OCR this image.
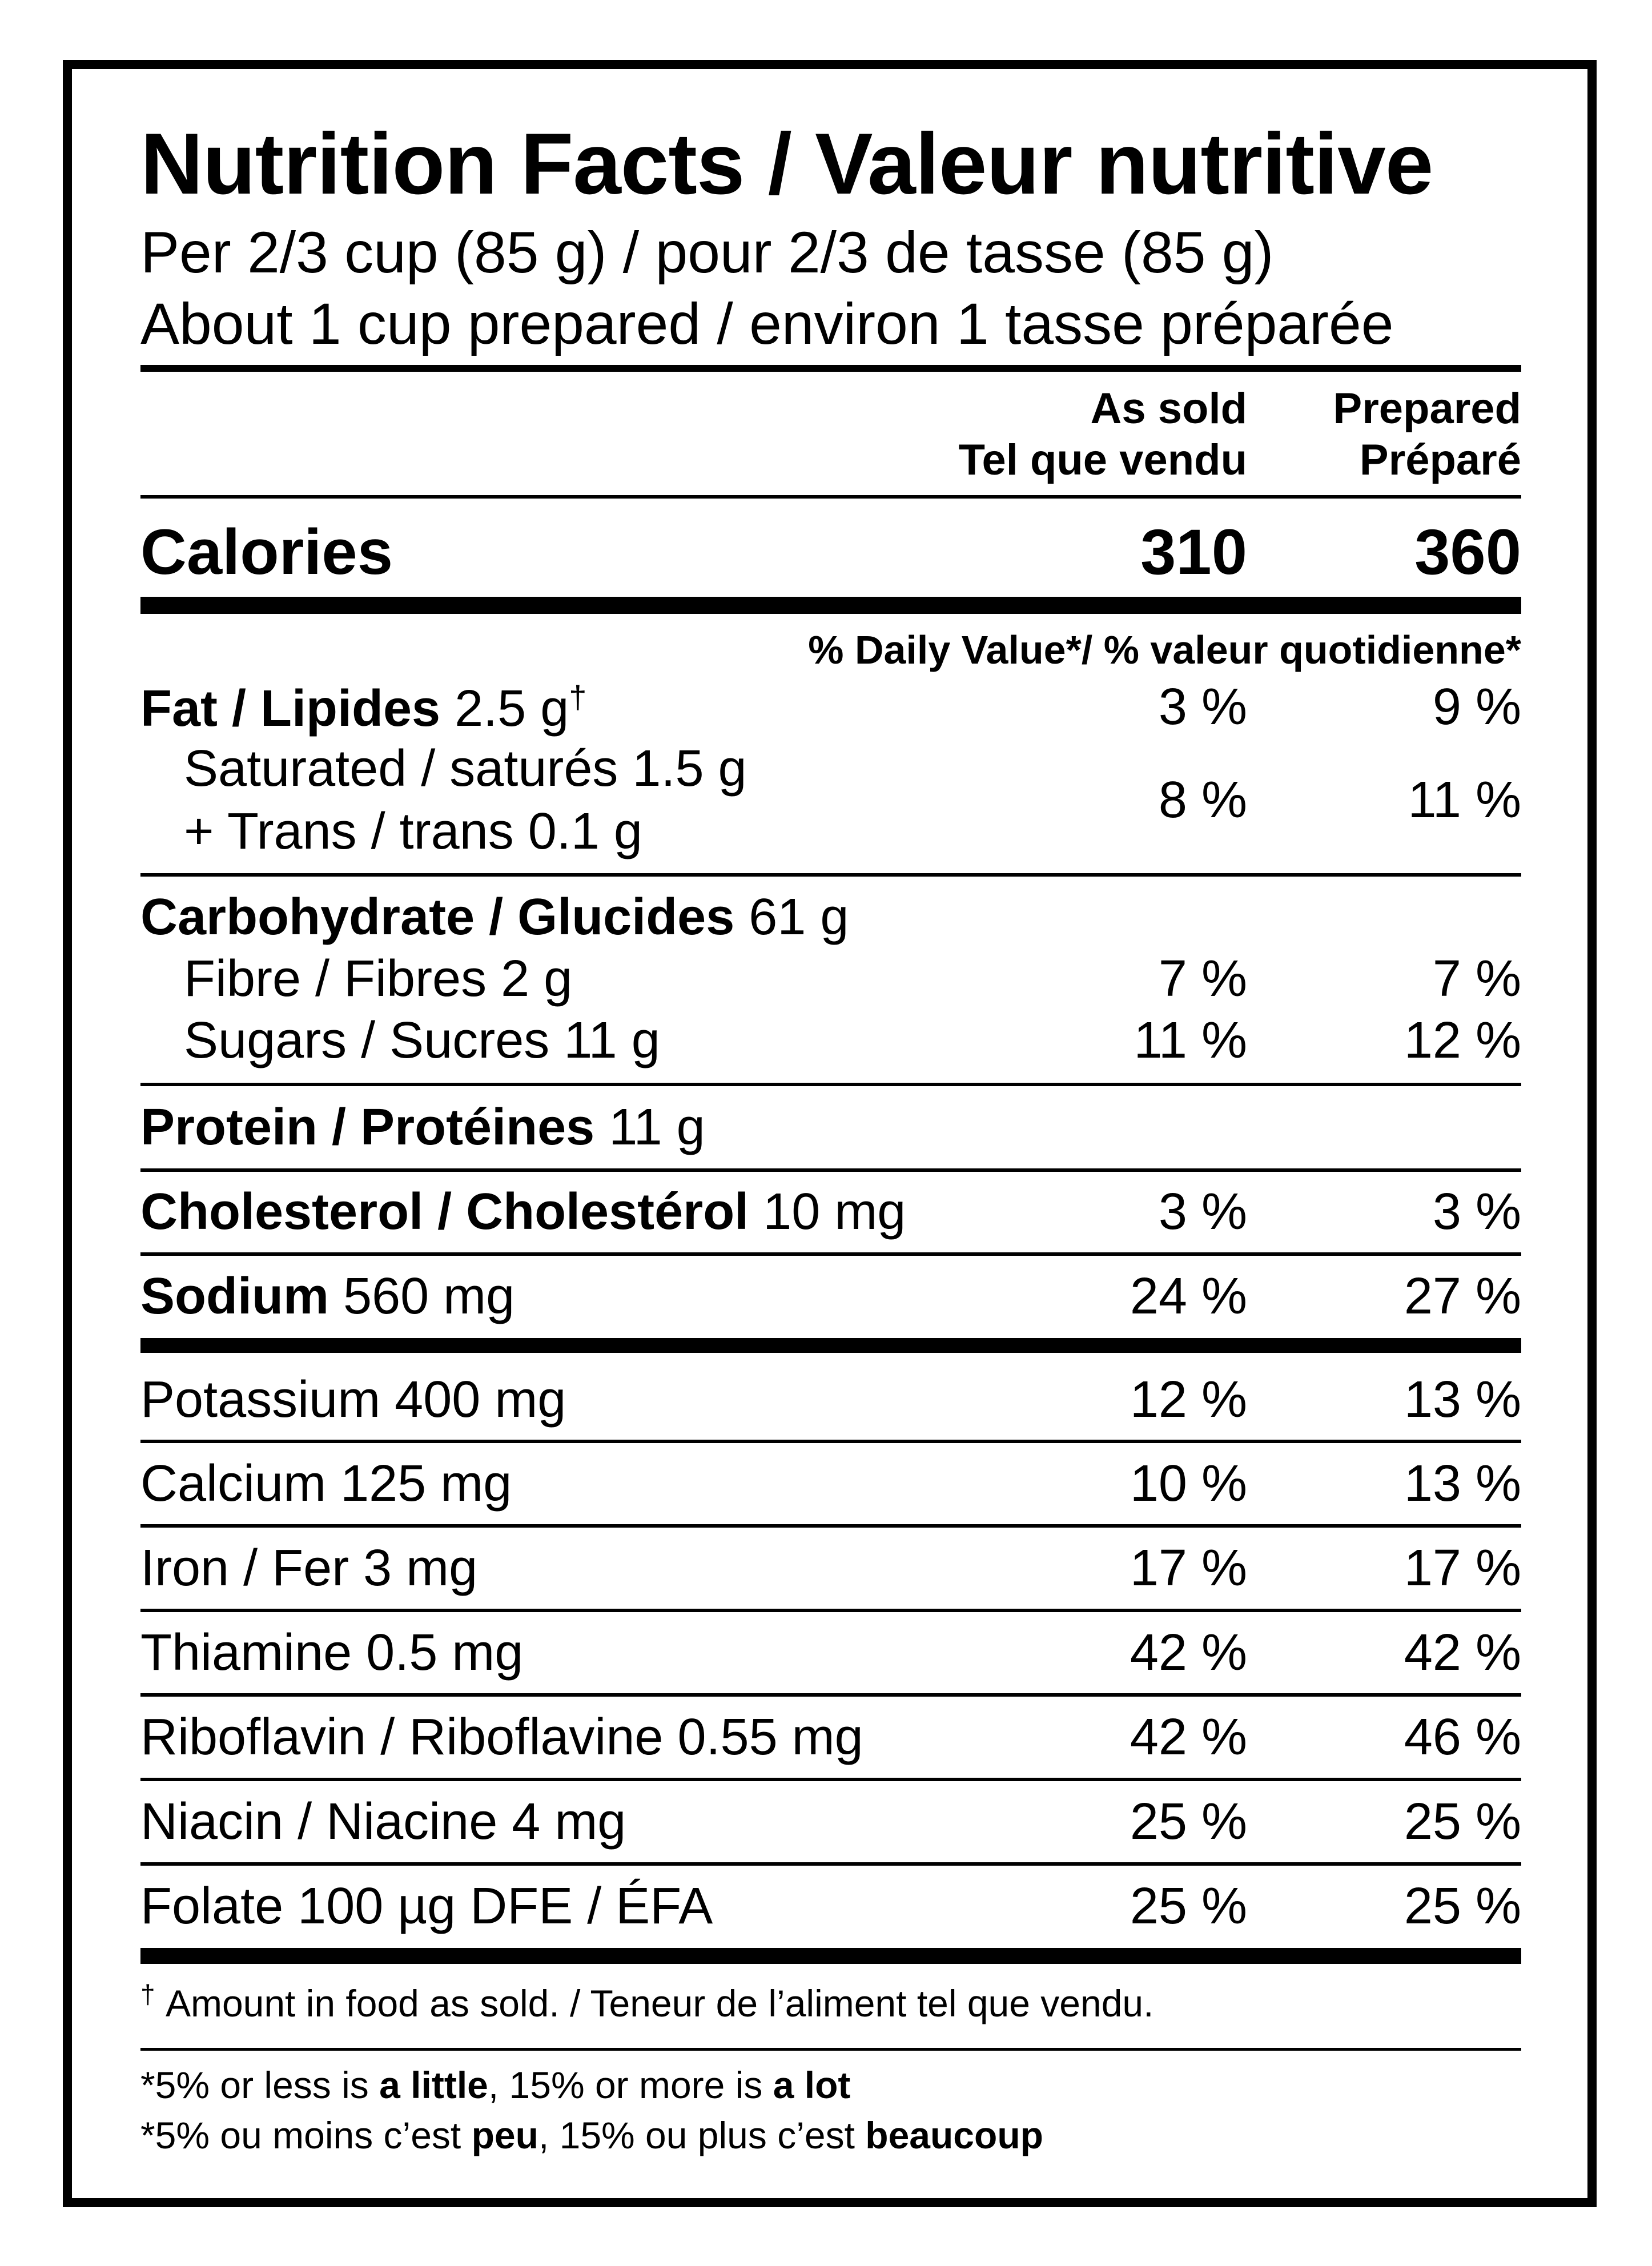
Nutrition Facts / Valeur nutritive
Per 2/3 cup (85 g) / pour 2/3 de tasse (85 g)
About 1 cup prepared / environ 1 tasse préparée
As sold
Tel que vendu
Prepared
Préparé
Calories	310	360
% Daily Value*/ % valeur quotidienne*
Fat / Lipides 2.5 g†	3 %	9 %
Saturated / saturés 1.5 g
+ Trans / trans 0.1 g
8 %	11 %
Carbohydrate / Glucides 61 g
Fibre / Fibres 2 g	7 %	7 %
Sugars / Sucres 11 g	11 %	12 %
Protein / Protéines 11 g
Cholesterol / Cholestérol 10 mg	3 %	3 %
Sodium 560 mg	24 %	27 %
Potassium 400 mg	12 %	13 %
Calcium 125 mg	10 %	13 %
Iron / Fer 3 mg	17 %	17 %
Thiamine 0.5 mg	42 %	42 %
Riboflavin / Riboflavine 0.55 mg	42 %	46 %
Niacin / Niacine 4 mg	25 %	25 %
Folate 100 µg DFE / ÉFA	25 %	25 %
† Amount in food as sold. / Teneur de l’aliment tel que vendu.
*5% or less is a little, 15% or more is a lot
*5% ou moins c’est peu, 15% ou plus c’est beaucoup
